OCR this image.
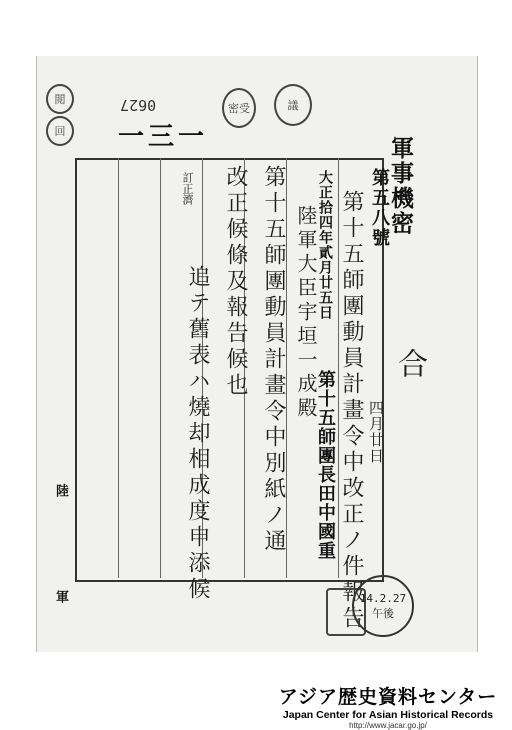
0627
一三一
密受
閲
回
議
軍事機密
第五八號
合
四月廿日
第十五師團動員計畫令中改正ノ件報告
大正拾四年貳月廿五日
第十五師團長田中國重
陸軍大臣宇垣一成殿
第十五師團動員計畫令中別紙ノ通
改正候條及報告候也
追テ舊表ハ燒却相成度申添候
訂正濟
陸
軍	14.2.27
午後
アジア歴史資料センター
Japan Center for Asian Historical Records
http://www.jacar.go.jp/
